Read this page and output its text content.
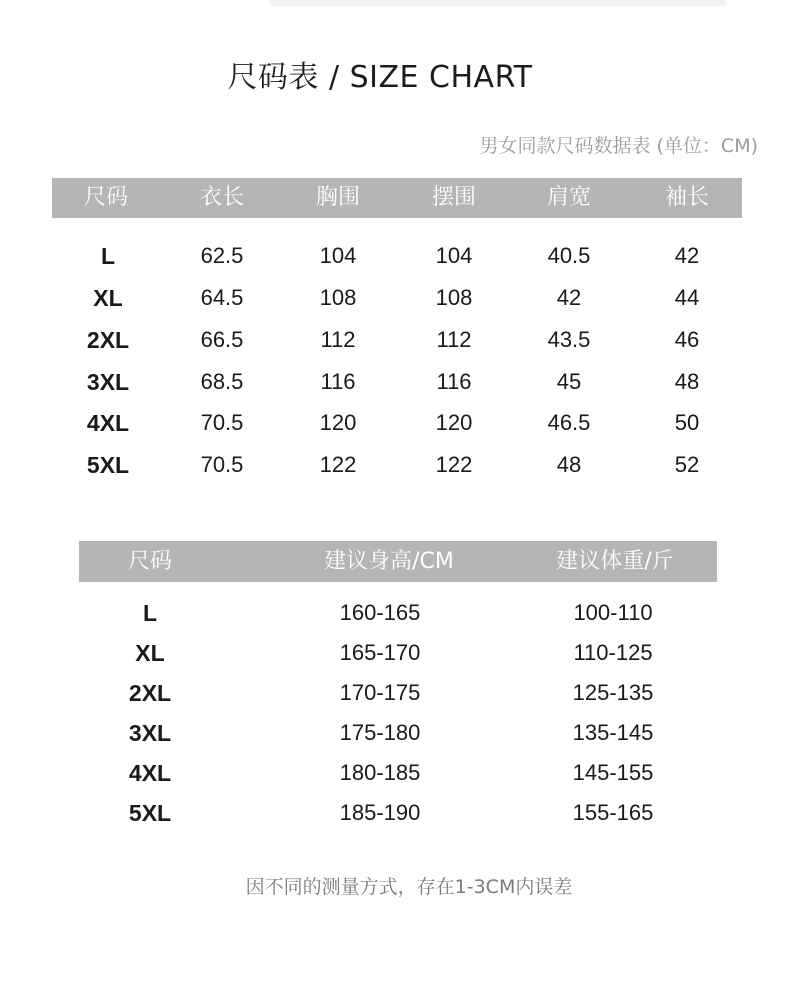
尺码表 / SIZE CHART
男女同款尺码数据表 (单位：CM)
尺码	衣长	胸围	摆围	肩宽	袖长
L	62.5	104	104	40.5	42
XL	64.5	108	108	42	44
2XL	66.5	112	112	43.5	46
3XL	68.5	116	116	45	48
4XL	70.5	120	120	46.5	50
5XL	70.5	122	122	48	52
尺码	建议身高/CM	建议体重/斤
L	160-165	100-110
XL	165-170	110-125
2XL	170-175	125-135
3XL	175-180	135-145
4XL	180-185	145-155
5XL	185-190	155-165
因不同的测量方式，存在1-3CM内误差
